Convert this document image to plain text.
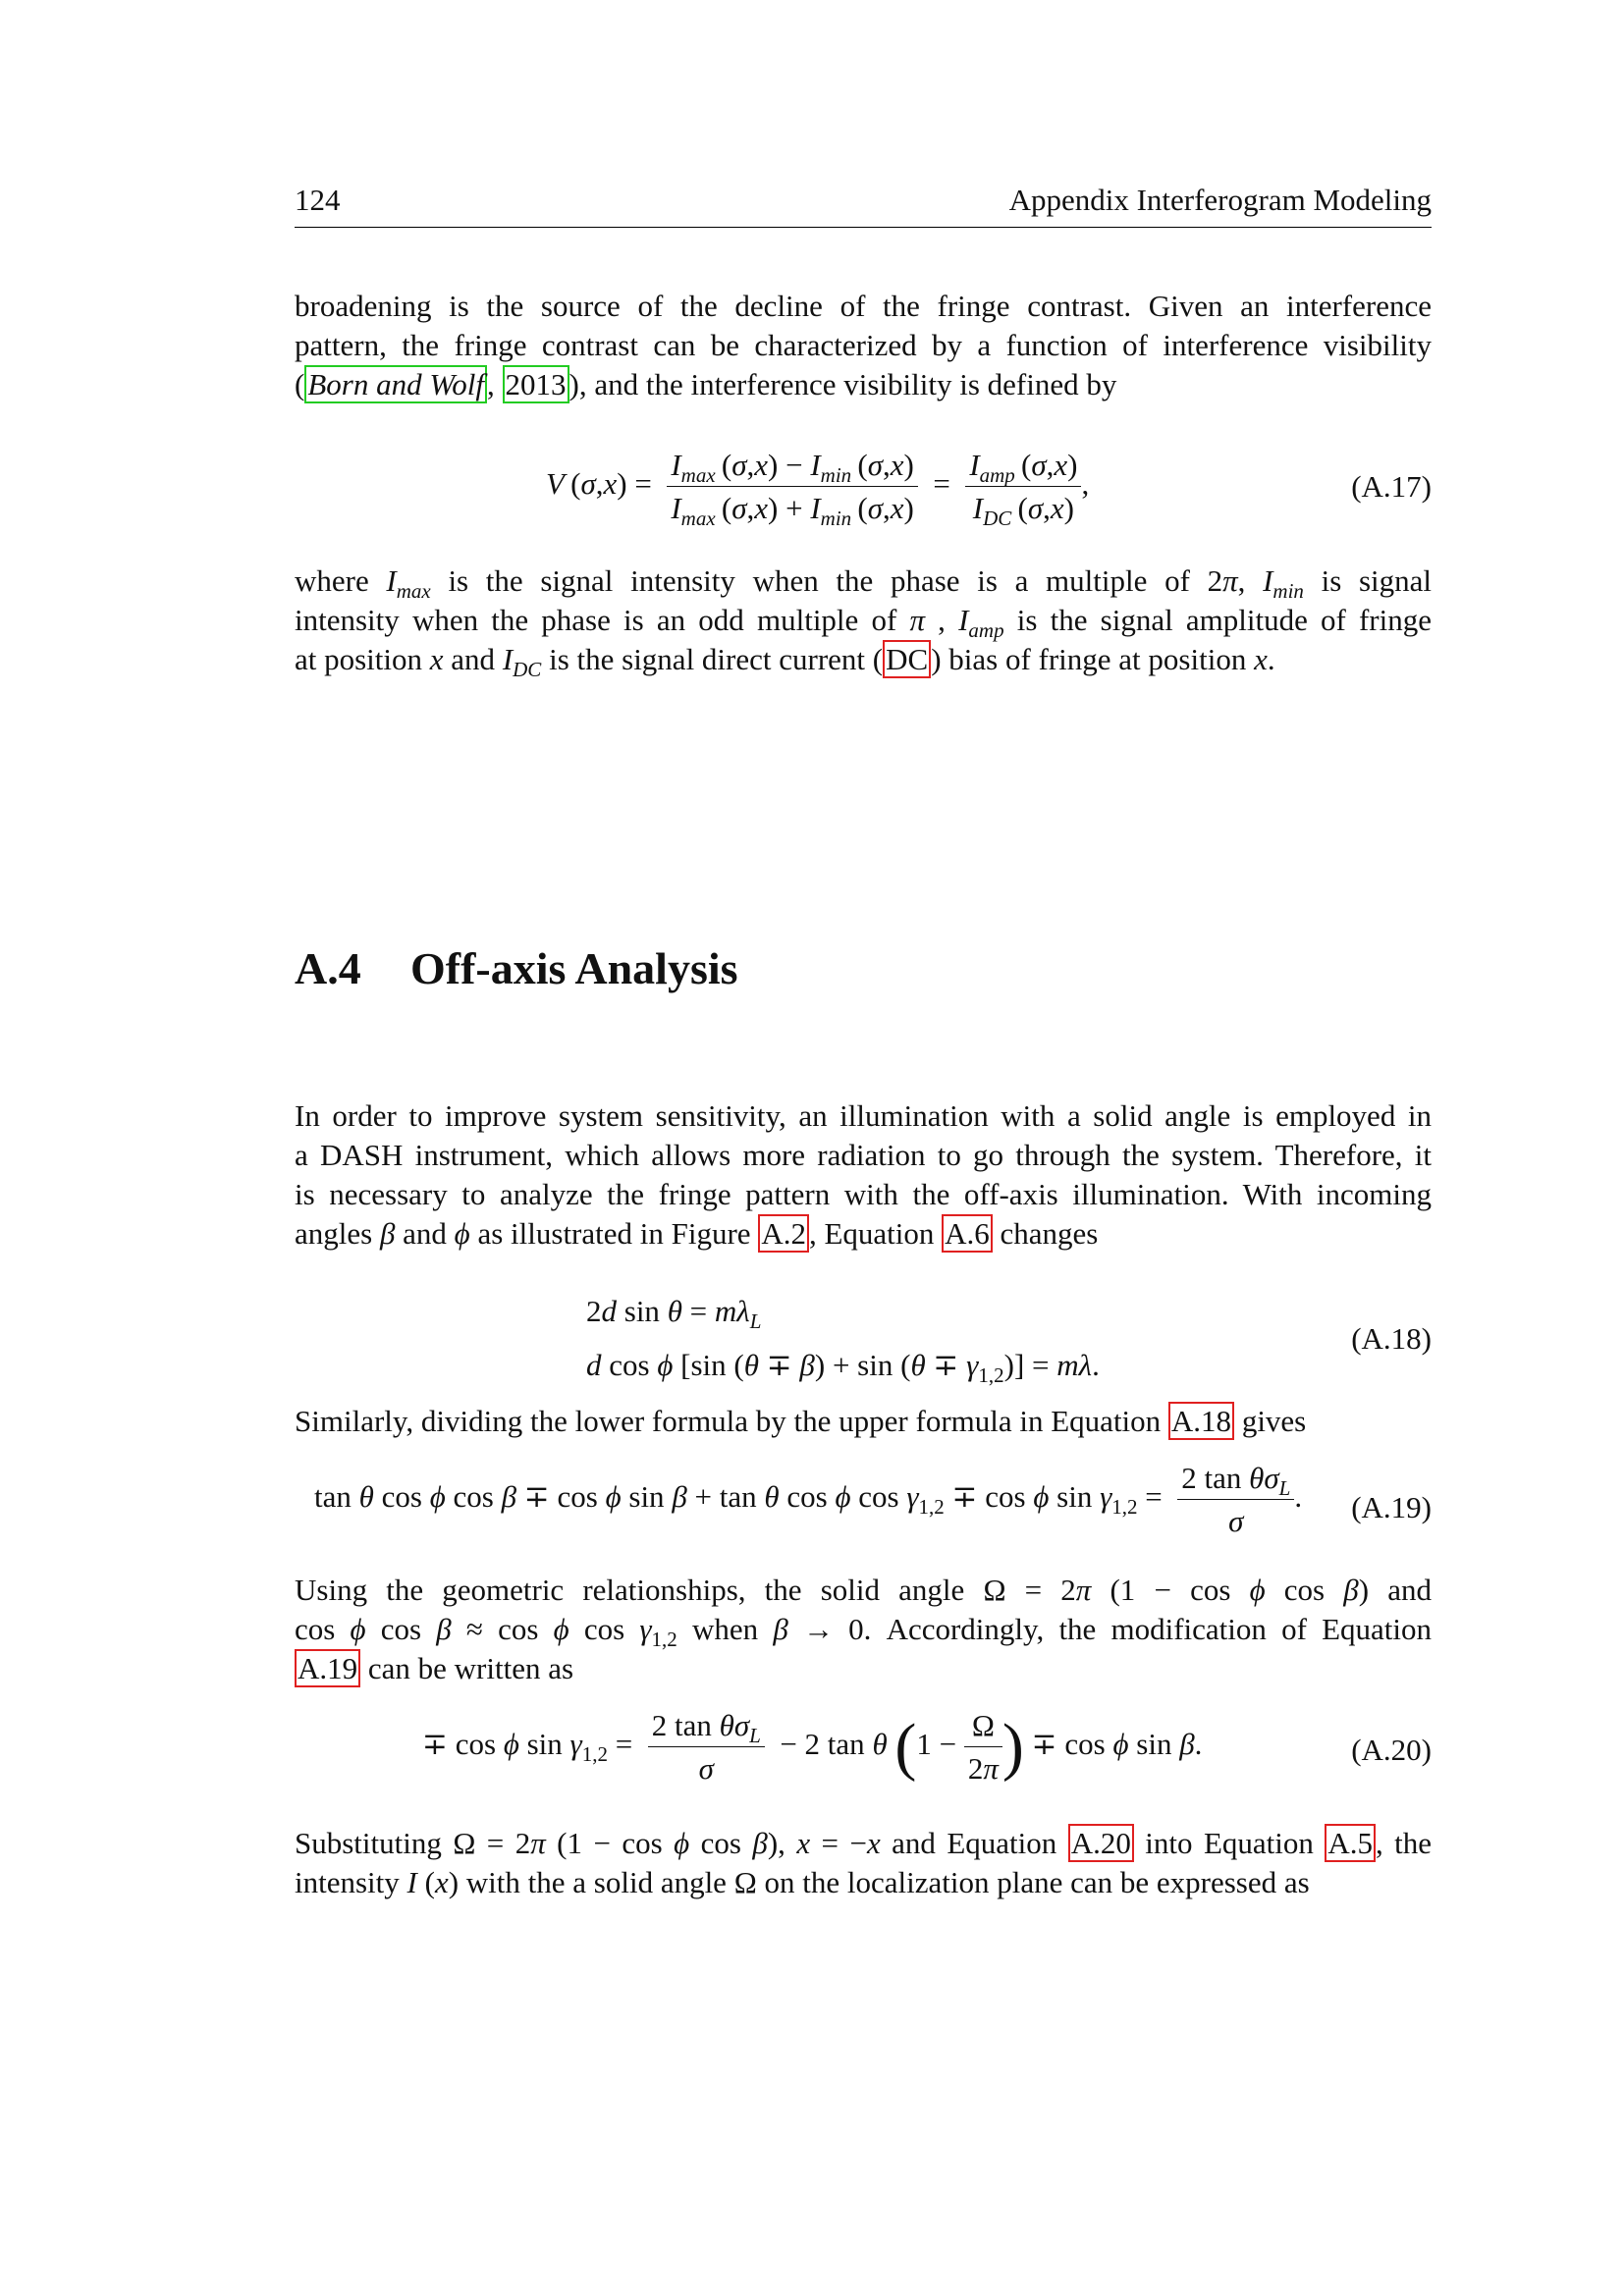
124	Appendix Interferogram Modeling
broadening is the source of the decline of the fringe contrast. Given an interference
pattern, the fringe contrast can be characterized by a function of interference visibility
(Born and Wolf, 2013), and the interference visibility is defined by
V $(\sigma,x) = \frac{I_{max} (\sigma,x) - I_{min} (\sigma,x)}{I_{max} (\sigma,x) + I_{min} (\sigma,x)} = \frac{I_{amp} (\sigma,x)}{I_{DC} (\sigma,x)}$ ,	(A.17)
where $I_{max}$ is the signal intensity when the phase is a multiple of 2π, $I_{min}$ is signal
intensity when the phase is an odd multiple of π , $I_{amp}$ is the signal amplitude of fringe
at position x and $I_{DC}$ is the signal direct current (DC) bias of fringe at position x.
A.4 Off-axis Analysis
In order to improve system sensitivity, an illumination with a solid angle is employed in
a DASH instrument, which allows more radiation to go through the system. Therefore, it
is necessary to analyze the fringe pattern with the off-axis illumination. With incoming
angles β and ϕ as illustrated in Figure A.2, Equation A.6 changes
2d $\sin \theta = m\lambda_L$
d cos ϕ [sin $(\theta \mp \beta) + \sin (\theta \mp \gamma_{1,2})] = m\lambda$.
(A.18)
Similarly, dividing the lower formula by the upper formula in Equation A.18 gives
tan θ cos ϕ cos β ∓ cos ϕ sin β + tan θ cos ϕ $\cos \gamma_{1,2} \mp \cos \phi$ $\sin \gamma_{1,2} = \frac{2 \tan \theta\sigma_L}{\sigma}$ . (A.19)
Using the geometric relationships, the solid angle Ω = 2π (1 − cos ϕ cos β) and
cos ϕ cos β ≈ cos ϕ $\cos \gamma_{1,2}$ when β → 0. Accordingly, the modification of Equation
A.19 can be written as
∓ cos ϕ $\sin \gamma_{1,2} = \frac{2 \tan \theta\sigma_L}{\sigma} - 2$ tan θ ($1 - \frac{\Omega}{2\pi}$ ) ∓ cos ϕ sin β.	(A.20)
Substituting Ω = 2π (1 − cos ϕ cos β), x = −x and Equation A.20 into Equation A.5, the
intensity I (x) with the a solid angle Ω on the localization plane can be expressed as
